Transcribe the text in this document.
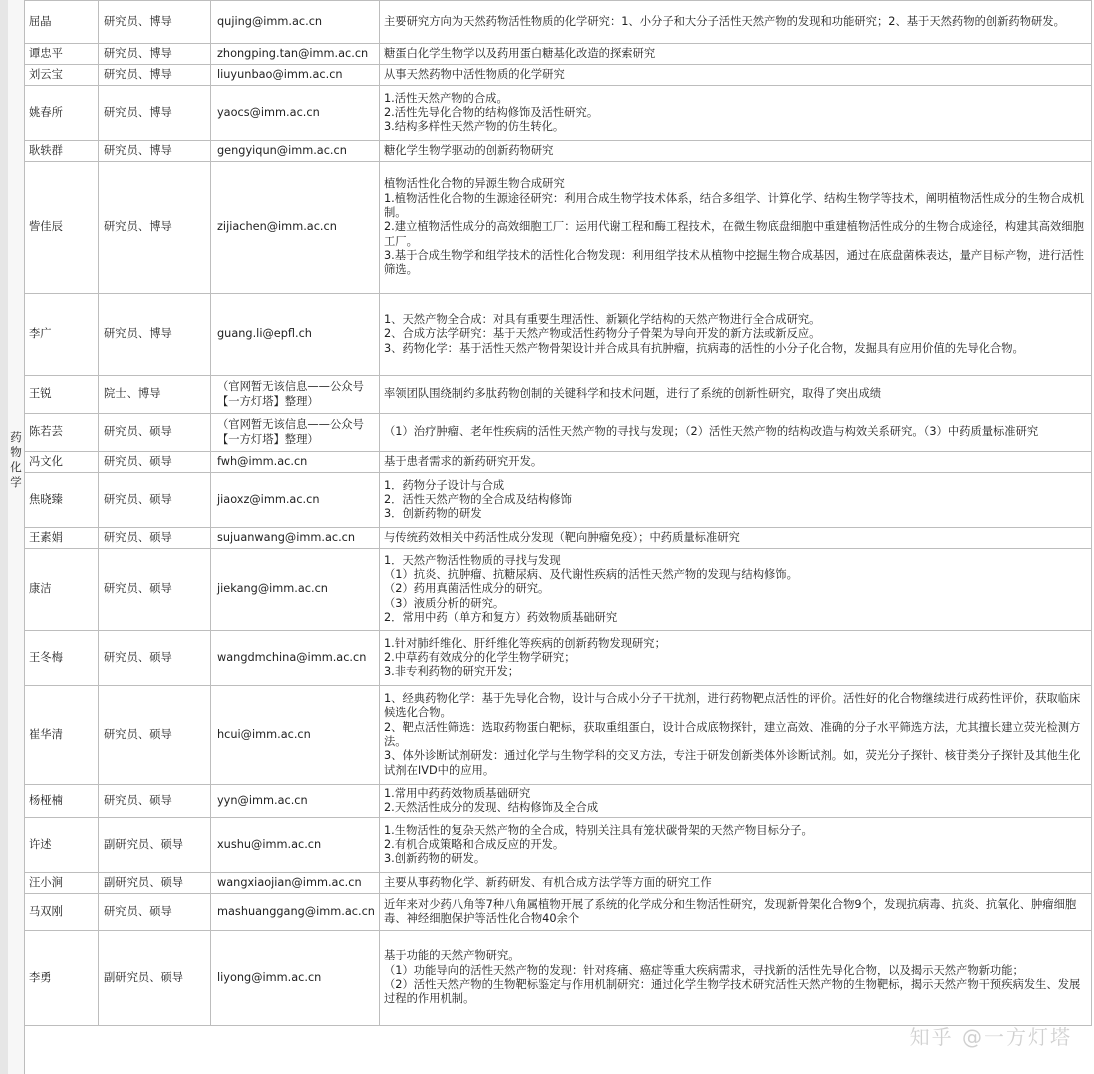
药物化学
屈晶	研究员、博导	qujing@imm.ac.cn	主要研究方向为天然药物活性物质的化学研究：1、小分子和大分子活性天然产物的发现和功能研究；2、基于天然药物的创新药物研发。

谭忠平	研究员、博导	zhongping.tan@imm.ac.cn	糖蛋白化学生物学以及药用蛋白糖基化改造的探索研究

刘云宝	研究员、博导	liuyunbao@imm.ac.cn	从事天然药物中活性物质的化学研究

姚春所	研究员、博导	yaocs@imm.ac.cn	1.活性天然产物的合成。
2.活性先导化合物的结构修饰及活性研究。
3.结构多样性天然产物的仿生转化。

耿轶群	研究员、博导	gengyiqun@imm.ac.cn	糖化学生物学驱动的创新药物研究

訾佳辰	研究员、博导	zijiachen@imm.ac.cn	植物活性化合物的异源生物合成研究
1.植物活性化合物的生源途径研究：利用合成生物学技术体系，结合多组学、计算化学、结构生物学等技术，阐明植物活性成分的生物合成机制。
2.建立植物活性成分的高效细胞工厂：运用代谢工程和酶工程技术，在微生物底盘细胞中重建植物活性成分的生物合成途径，构建其高效细胞工厂。
3.基于合成生物学和组学技术的活性化合物发现：利用组学技术从植物中挖掘生物合成基因，通过在底盘菌株表达，量产目标产物，进行活性筛选。

李广	研究员、博导	guang.li@epfl.ch	1、天然产物全合成：对具有重要生理活性、新颖化学结构的天然产物进行全合成研究。
2、合成方法学研究：基于天然产物或活性药物分子骨架为导向开发的新方法或新反应。
3、药物化学：基于活性天然产物骨架设计并合成具有抗肿瘤，抗病毒的活性的小分子化合物，发掘具有应用价值的先导化合物。

王锐	院士、博导	（官网暂无该信息——公众号【一方灯塔】整理）	率领团队围绕制约多肽药物创制的关键科学和技术问题，进行了系统的创新性研究，取得了突出成绩

陈若芸	研究员、硕导	（官网暂无该信息——公众号【一方灯塔】整理）	（1）治疗肿瘤、老年性疾病的活性天然产物的寻找与发现；（2）活性天然产物的结构改造与构效关系研究。（3）中药质量标准研究

冯文化	研究员、硕导	fwh@imm.ac.cn	基于患者需求的新药研究开发。

焦晓臻	研究员、硕导	jiaoxz@imm.ac.cn	1．药物分子设计与合成
2．活性天然产物的全合成及结构修饰
3．创新药物的研发

王素娟	研究员、硕导	sujuanwang@imm.ac.cn	与传统药效相关中药活性成分发现（靶向肿瘤免疫）；中药质量标准研究

康洁	研究员、硕导	jiekang@imm.ac.cn	1．天然产物活性物质的寻找与发现
（1）抗炎、抗肿瘤、抗糖尿病、及代谢性疾病的活性天然产物的发现与结构修饰。
（2）药用真菌活性成分的研究。
（3）液质分析的研究。
2．常用中药（单方和复方）药效物质基础研究

王冬梅	研究员、硕导	wangdmchina@imm.ac.cn	1.针对肺纤维化、肝纤维化等疾病的创新药物发现研究；
2.中草药有效成分的化学生物学研究；
3.非专利药物的研究开发；

崔华清	研究员、硕导	hcui@imm.ac.cn	1、经典药物化学：基于先导化合物，设计与合成小分子干扰剂，进行药物靶点活性的评价。活性好的化合物继续进行成药性评价，获取临床候选化合物。
2、靶点活性筛选：选取药物蛋白靶标，获取重组蛋白，设计合成底物探针，建立高效、准确的分子水平筛选方法，尤其擅长建立荧光检测方法。
3、体外诊断试剂研发：通过化学与生物学科的交叉方法，专注于研发创新类体外诊断试剂。如，荧光分子探针、核苷类分子探针及其他生化试剂在IVD中的应用。

杨桠楠	研究员、硕导	yyn@imm.ac.cn	1.常用中药药效物质基础研究
2.天然活性成分的发现、结构修饰及全合成

许述	副研究员、硕导	xushu@imm.ac.cn	1.生物活性的复杂天然产物的全合成，特别关注具有笼状碳骨架的天然产物目标分子。
2.有机合成策略和合成反应的开发。
3.创新药物的研发。

汪小涧	副研究员、硕导	wangxiaojian@imm.ac.cn	主要从事药物化学、新药研发、有机合成方法学等方面的研究工作

马双刚	研究员、硕导	mashuanggang@imm.ac.cn	近年来对少药八角等7种八角属植物开展了系统的化学成分和生物活性研究，发现新骨架化合物9个，发现抗病毒、抗炎、抗氧化、肿瘤细胞毒、神经细胞保护等活性化合物40余个

李勇	副研究员、硕导	liyong@imm.ac.cn	基于功能的天然产物研究。
（1）功能导向的活性天然产物的发现：针对疼痛、癌症等重大疾病需求，寻找新的活性先导化合物，以及揭示天然产物新功能；
（2）活性天然产物的生物靶标鉴定与作用机制研究：通过化学生物学技术研究活性天然产物的生物靶标，揭示天然产物干预疾病发生、发展过程的作用机制。
知乎 @一方灯塔
